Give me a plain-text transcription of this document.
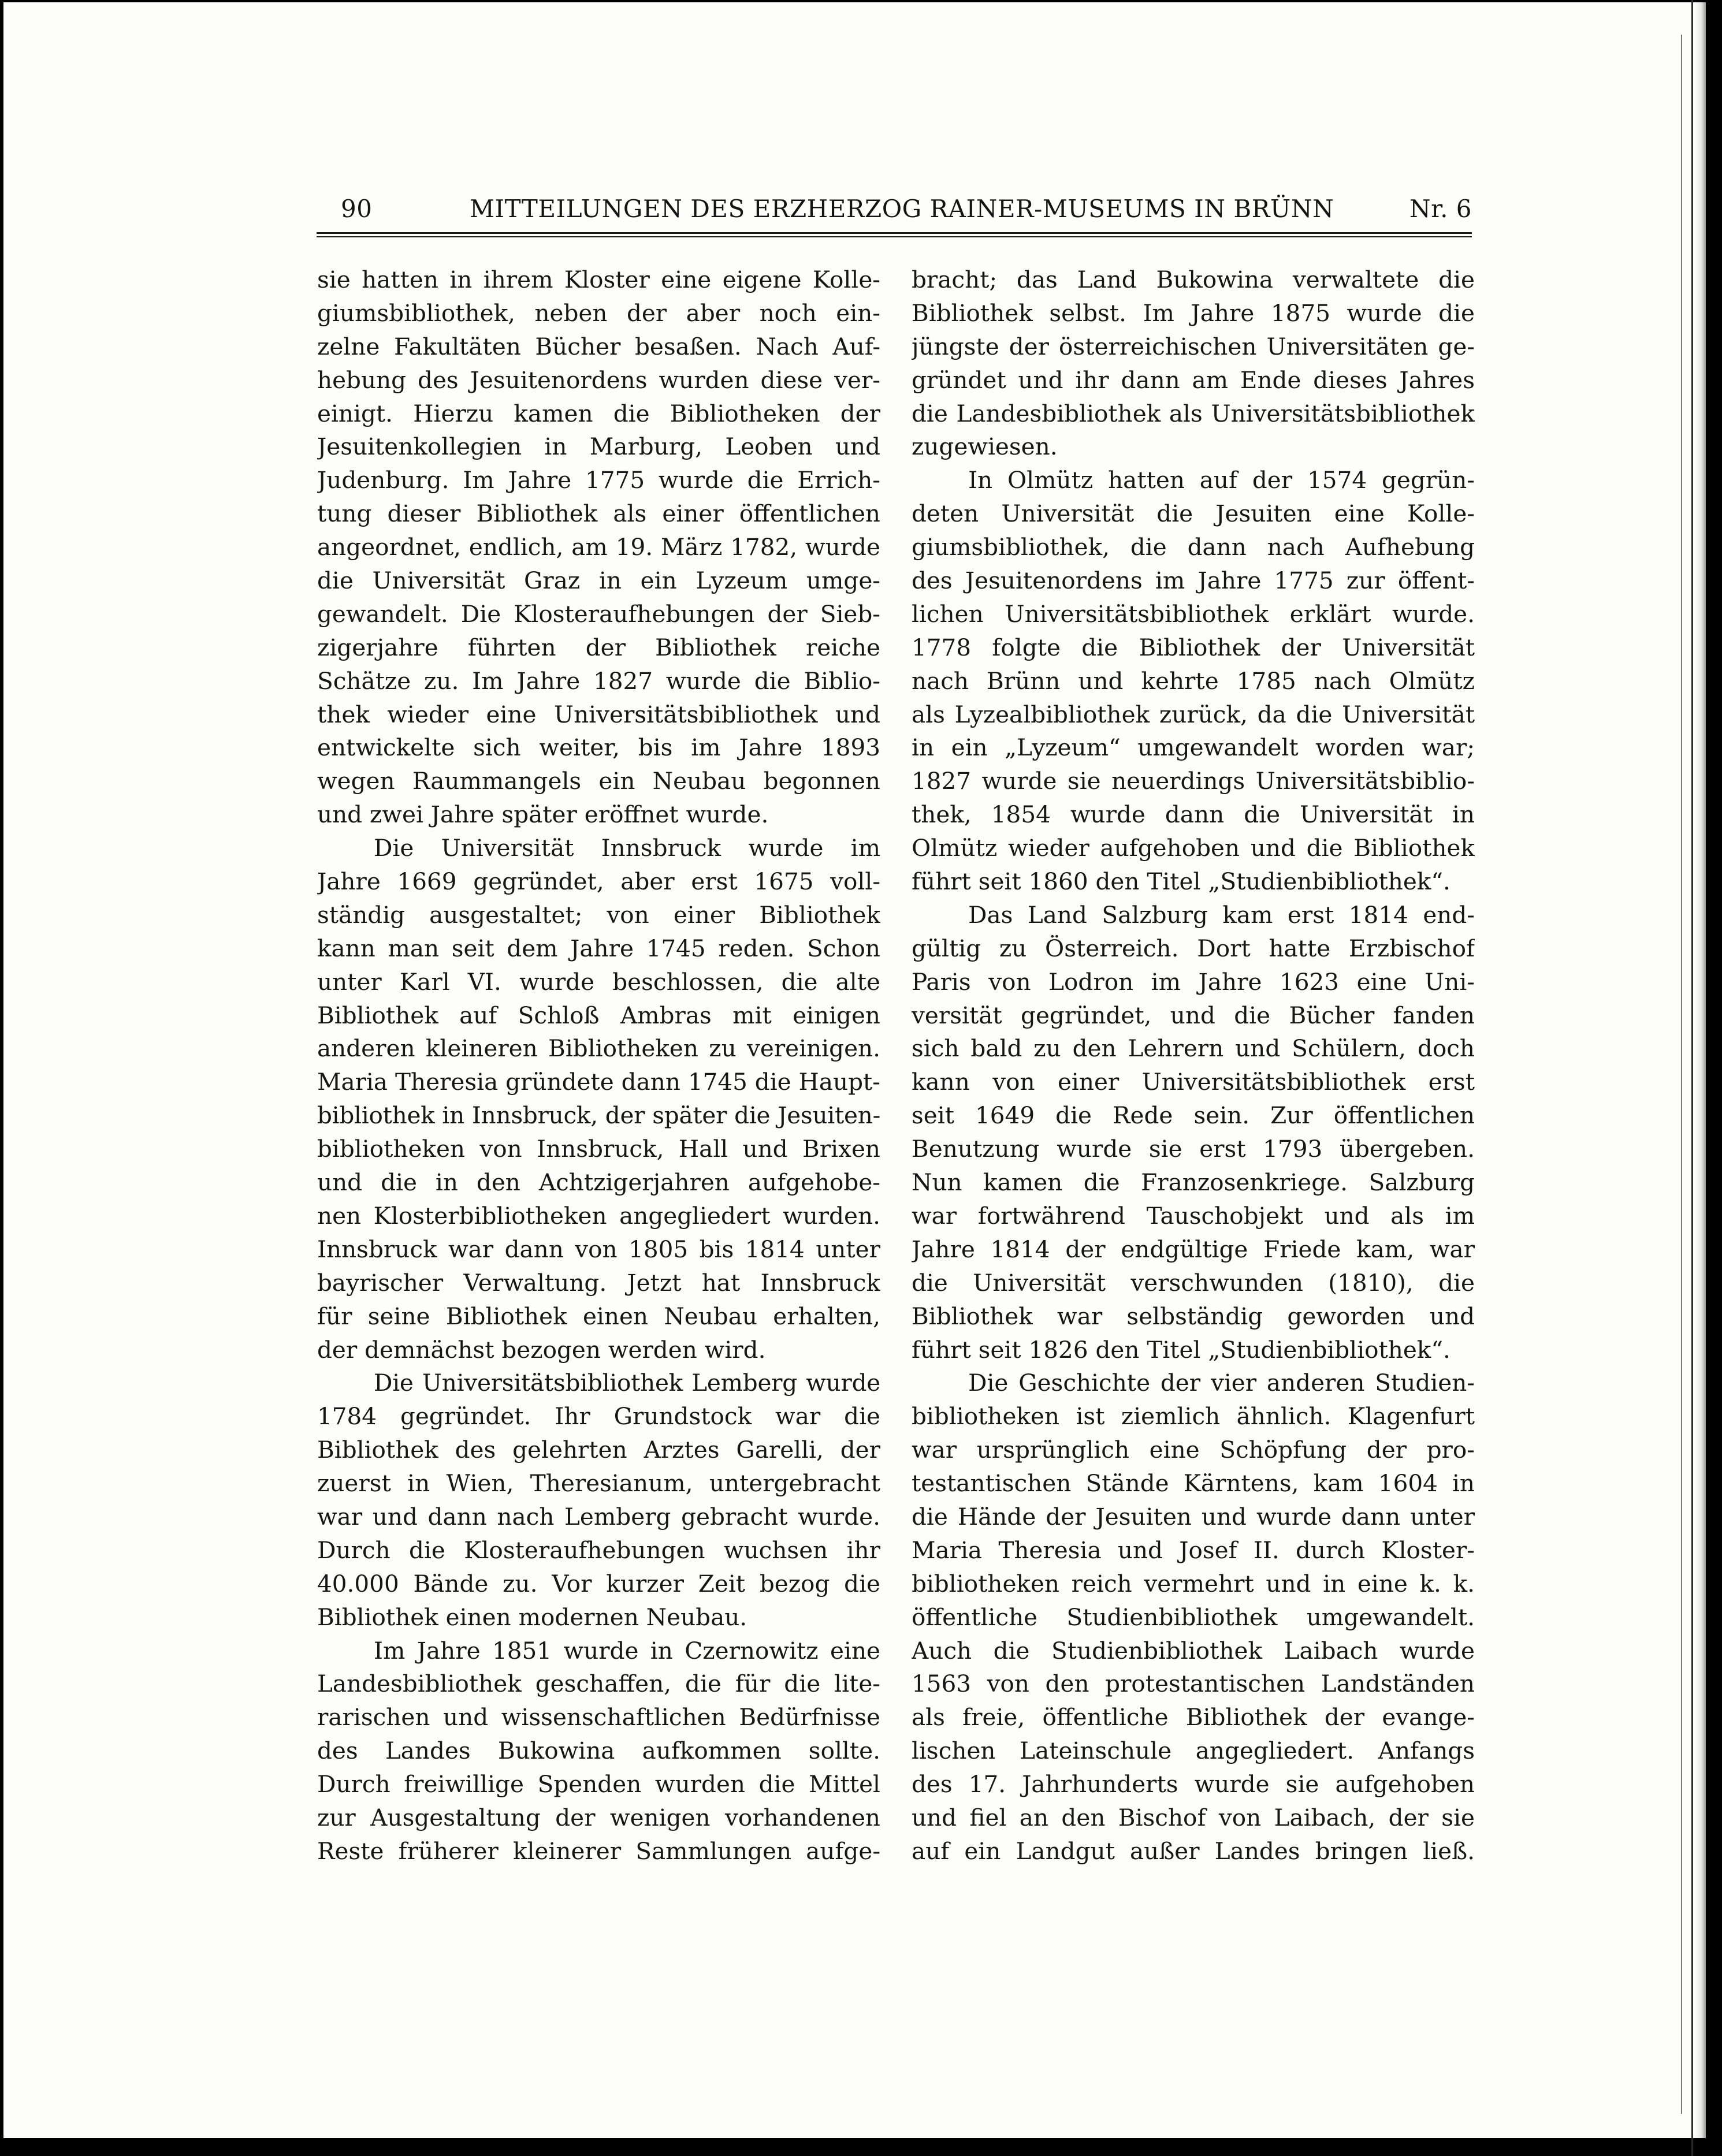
90	MITTEILUNGEN DES ERZHERZOG RAINER-MUSEUMS IN BRÜNN	Nr. 6
sie hatten in ihrem Kloster eine eigene Kolle-
giumsbibliothek, neben der aber noch ein-
zelne Fakultäten Bücher besaßen. Nach Auf-
hebung des Jesuitenordens wurden diese ver-
einigt. Hierzu kamen die Bibliotheken der
Jesuitenkollegien in Marburg, Leoben und
Judenburg. Im Jahre 1775 wurde die Errich-
tung dieser Bibliothek als einer öffentlichen
angeordnet, endlich, am 19. März 1782, wurde
die Universität Graz in ein Lyzeum umge-
gewandelt. Die Klosteraufhebungen der Sieb-
zigerjahre führten der Bibliothek reiche
Schätze zu. Im Jahre 1827 wurde die Biblio-
thek wieder eine Universitätsbibliothek und
entwickelte sich weiter, bis im Jahre 1893
wegen Raummangels ein Neubau begonnen
und zwei Jahre später eröffnet wurde.
Die Universität Innsbruck wurde im
Jahre 1669 gegründet, aber erst 1675 voll-
ständig ausgestaltet; von einer Bibliothek
kann man seit dem Jahre 1745 reden. Schon
unter Karl VI. wurde beschlossen, die alte
Bibliothek auf Schloß Ambras mit einigen
anderen kleineren Bibliotheken zu vereinigen.
Maria Theresia gründete dann 1745 die Haupt-
bibliothek in Innsbruck, der später die Jesuiten-
bibliotheken von Innsbruck, Hall und Brixen
und die in den Achtzigerjahren aufgehobe-
nen Klosterbibliotheken angegliedert wurden.
Innsbruck war dann von 1805 bis 1814 unter
bayrischer Verwaltung. Jetzt hat Innsbruck
für seine Bibliothek einen Neubau erhalten,
der demnächst bezogen werden wird.
Die Universitätsbibliothek Lemberg wurde
1784 gegründet. Ihr Grundstock war die
Bibliothek des gelehrten Arztes Garelli, der
zuerst in Wien, Theresianum, untergebracht
war und dann nach Lemberg gebracht wurde.
Durch die Klosteraufhebungen wuchsen ihr
40.000 Bände zu. Vor kurzer Zeit bezog die
Bibliothek einen modernen Neubau.
Im Jahre 1851 wurde in Czernowitz eine
Landesbibliothek geschaffen, die für die lite-
rarischen und wissenschaftlichen Bedürfnisse
des Landes Bukowina aufkommen sollte.
Durch freiwillige Spenden wurden die Mittel
zur Ausgestaltung der wenigen vorhandenen
Reste früherer kleinerer Sammlungen aufge-
bracht; das Land Bukowina verwaltete die
Bibliothek selbst. Im Jahre 1875 wurde die
jüngste der österreichischen Universitäten ge-
gründet und ihr dann am Ende dieses Jahres
die Landesbibliothek als Universitätsbibliothek
zugewiesen.
In Olmütz hatten auf der 1574 gegrün-
deten Universität die Jesuiten eine Kolle-
giumsbibliothek, die dann nach Aufhebung
des Jesuitenordens im Jahre 1775 zur öffent-
lichen Universitätsbibliothek erklärt wurde.
1778 folgte die Bibliothek der Universität
nach Brünn und kehrte 1785 nach Olmütz
als Lyzealbibliothek zurück, da die Universität
in ein „Lyzeum“ umgewandelt worden war;
1827 wurde sie neuerdings Universitätsbiblio-
thek, 1854 wurde dann die Universität in
Olmütz wieder aufgehoben und die Bibliothek
führt seit 1860 den Titel „Studienbibliothek“.
Das Land Salzburg kam erst 1814 end-
gültig zu Österreich. Dort hatte Erzbischof
Paris von Lodron im Jahre 1623 eine Uni-
versität gegründet, und die Bücher fanden
sich bald zu den Lehrern und Schülern, doch
kann von einer Universitätsbibliothek erst
seit 1649 die Rede sein. Zur öffentlichen
Benutzung wurde sie erst 1793 übergeben.
Nun kamen die Franzosenkriege. Salzburg
war fortwährend Tauschobjekt und als im
Jahre 1814 der endgültige Friede kam, war
die Universität verschwunden (1810), die
Bibliothek war selbständig geworden und
führt seit 1826 den Titel „Studienbibliothek“.
Die Geschichte der vier anderen Studien-
bibliotheken ist ziemlich ähnlich. Klagenfurt
war ursprünglich eine Schöpfung der pro-
testantischen Stände Kärntens, kam 1604 in
die Hände der Jesuiten und wurde dann unter
Maria Theresia und Josef II. durch Kloster-
bibliotheken reich vermehrt und in eine k. k.
öffentliche Studienbibliothek umgewandelt.
Auch die Studienbibliothek Laibach wurde
1563 von den protestantischen Landständen
als freie, öffentliche Bibliothek der evange-
lischen Lateinschule angegliedert. Anfangs
des 17. Jahrhunderts wurde sie aufgehoben
und fiel an den Bischof von Laibach, der sie
auf ein Landgut außer Landes bringen ließ.
